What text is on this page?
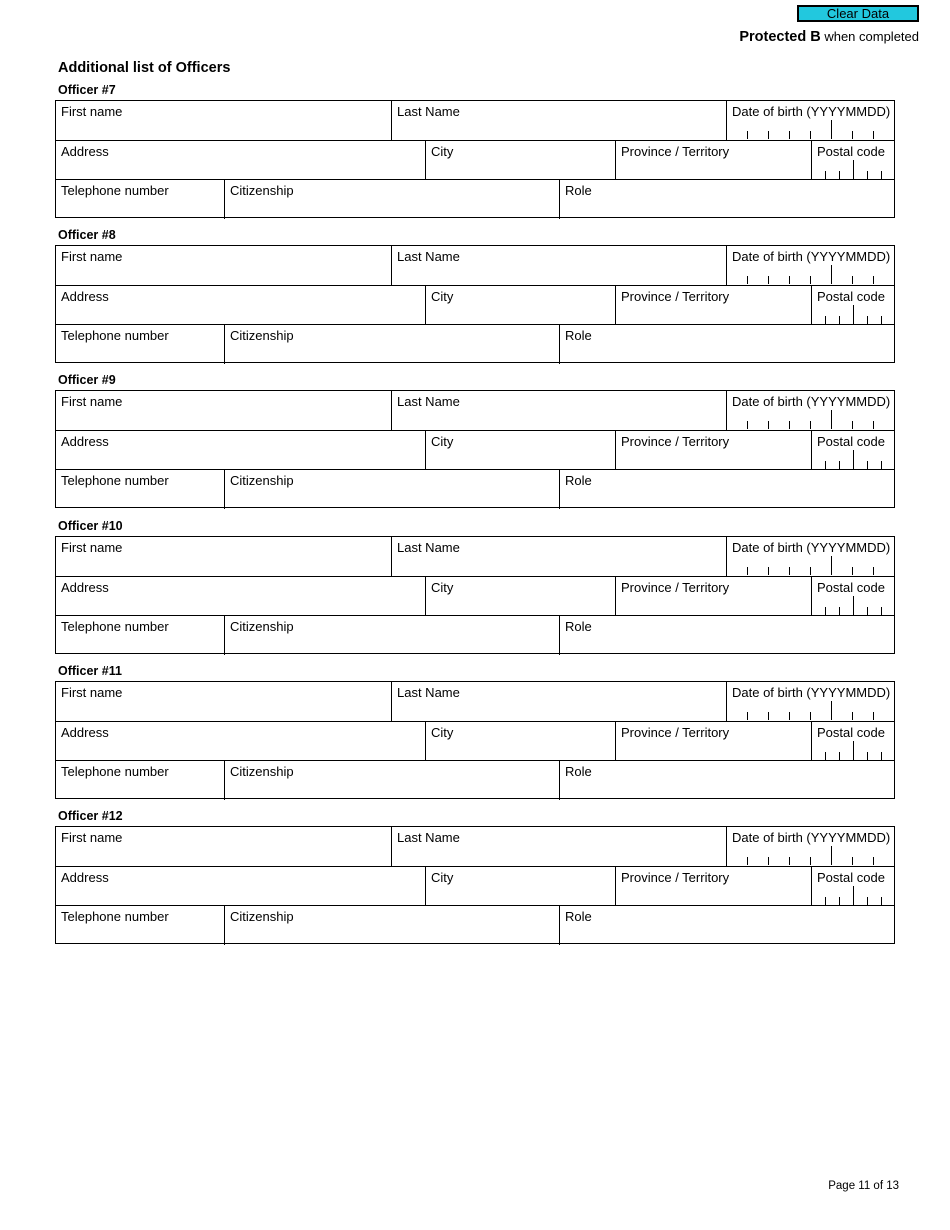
Clear Data
Protected B when completed
Additional list of Officers
Officer #7
First name	Last Name	Date of birth (YYYYMMDD)
Address	City	Province / Territory	Postal code
Telephone number	Citizenship	Role
Officer #8
First name	Last Name	Date of birth (YYYYMMDD)
Address	City	Province / Territory	Postal code
Telephone number	Citizenship	Role
Officer #9
First name	Last Name	Date of birth (YYYYMMDD)
Address	City	Province / Territory	Postal code
Telephone number	Citizenship	Role
Officer #10
First name	Last Name	Date of birth (YYYYMMDD)
Address	City	Province / Territory	Postal code
Telephone number	Citizenship	Role
Officer #11
First name	Last Name	Date of birth (YYYYMMDD)
Address	City	Province / Territory	Postal code
Telephone number	Citizenship	Role
Officer #12
First name	Last Name	Date of birth (YYYYMMDD)
Address	City	Province / Territory	Postal code
Telephone number	Citizenship	Role
Page 11 of 13
